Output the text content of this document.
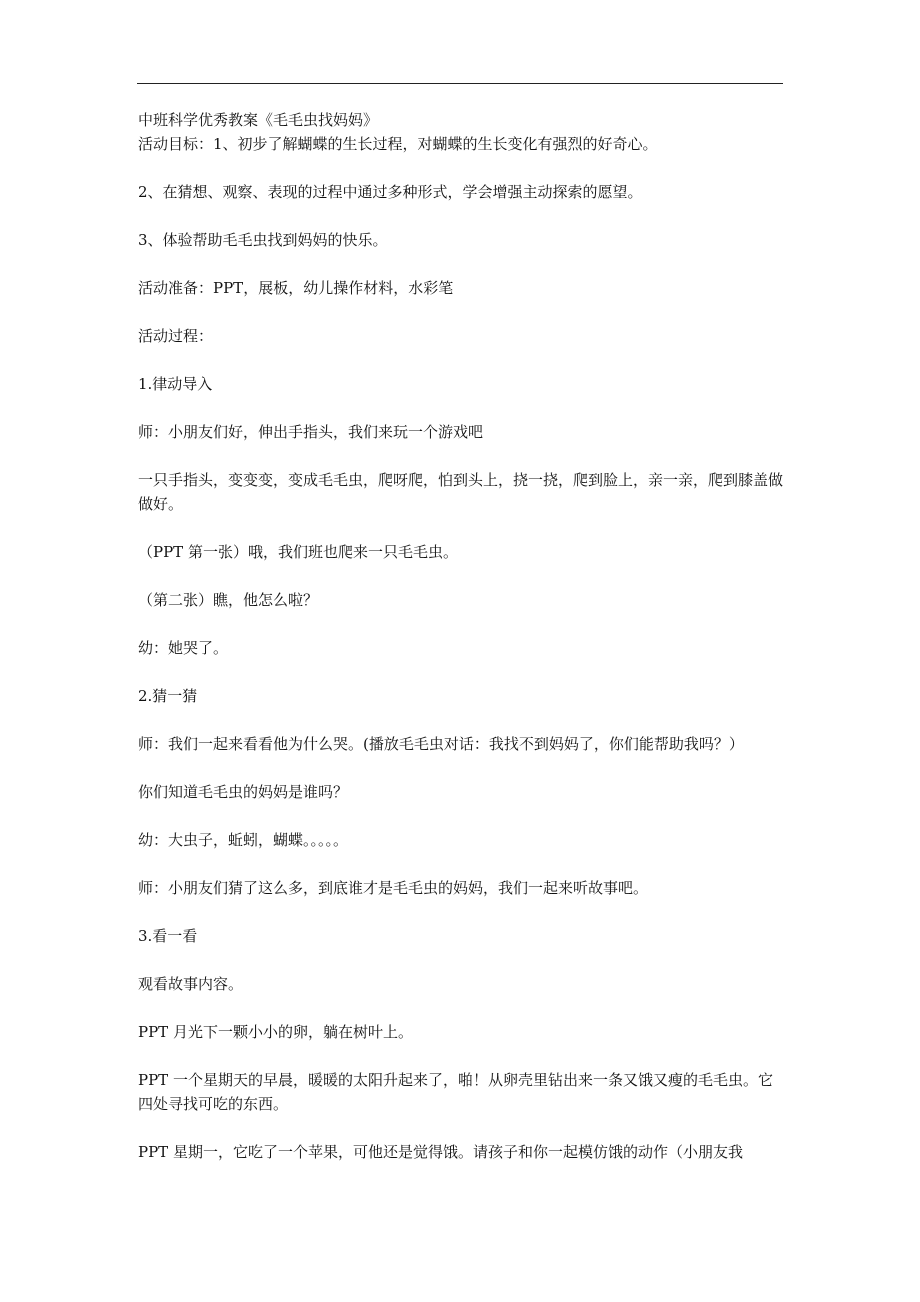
中班科学优秀教案《毛毛虫找妈妈》

活动目标：1、初步了解蝴蝶的生长过程，对蝴蝶的生长变化有强烈的好奇心。

2、在猜想、观察、表现的过程中通过多种形式，学会增强主动探索的愿望。

3、体验帮助毛毛虫找到妈妈的快乐。

活动准备：PPT，展板，幼儿操作材料，水彩笔

活动过程：

1.律动导入

师：小朋友们好，伸出手指头，我们来玩一个游戏吧

一只手指头，变变变，变成毛毛虫，爬呀爬，怕到头上，挠一挠，爬到脸上，亲一亲，爬到膝盖做做好。

（PPT 第一张）哦，我们班也爬来一只毛毛虫。

（第二张）瞧，他怎么啦？

幼：她哭了。

2.猜一猜

师：我们一起来看看他为什么哭。(播放毛毛虫对话：我找不到妈妈了，你们能帮助我吗？）

你们知道毛毛虫的妈妈是谁吗？

幼：大虫子，蚯蚓，蝴蝶。。。。。

师：小朋友们猜了这么多，到底谁才是毛毛虫的妈妈，我们一起来听故事吧。

3.看一看

观看故事内容。

PPT 月光下一颗小小的卵，躺在树叶上。

PPT 一个星期天的早晨，暖暖的太阳升起来了，啪！从卵壳里钻出来一条又饿又瘦的毛毛虫。它四处寻找可吃的东西。

PPT 星期一，它吃了一个苹果，可他还是觉得饿。请孩子和你一起模仿饿的动作（小朋友我
